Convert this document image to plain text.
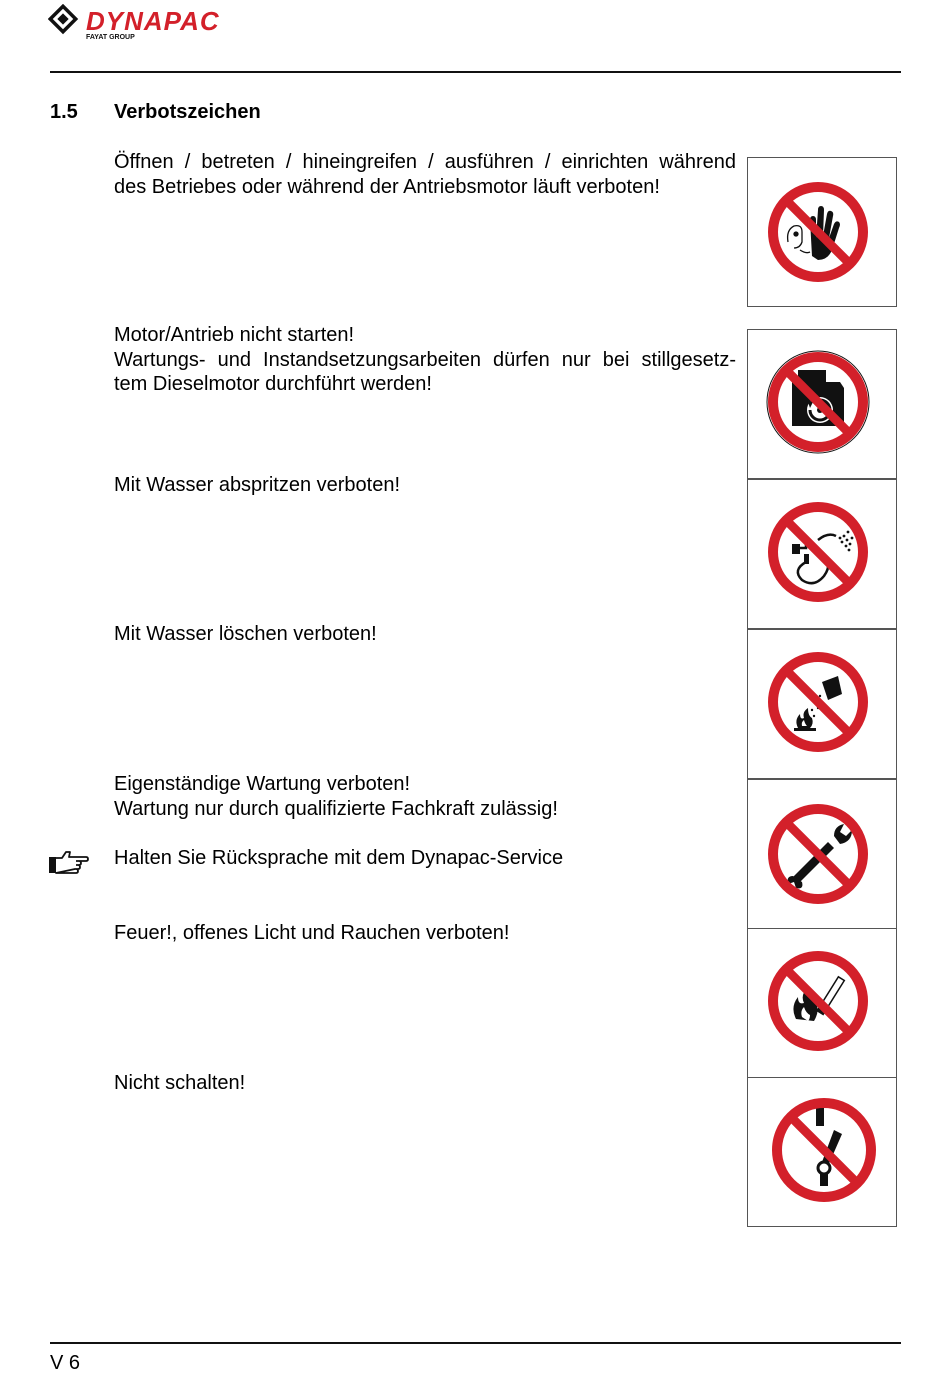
DYNAPAC
FAYAT GROUP
1.5 Verbotszeichen

Öffnen / betreten / hineingreifen / ausführen / einrichten während

des Betriebes oder während der Antriebsmotor läuft verboten!

Motor/Antrieb nicht starten!

Wartungs- und Instandsetzungsarbeiten dürfen nur bei stillgesetz-

tem Dieselmotor durchführt werden!

Mit Wasser abspritzen verboten!

Mit Wasser löschen verboten!

Eigenständige Wartung verboten!

Wartung nur durch qualifizierte Fachkraft zulässig!

Halten Sie Rücksprache mit dem Dynapac-Service

Feuer!, offenes Licht und Rauchen verboten!

Nicht schalten!

V 6
